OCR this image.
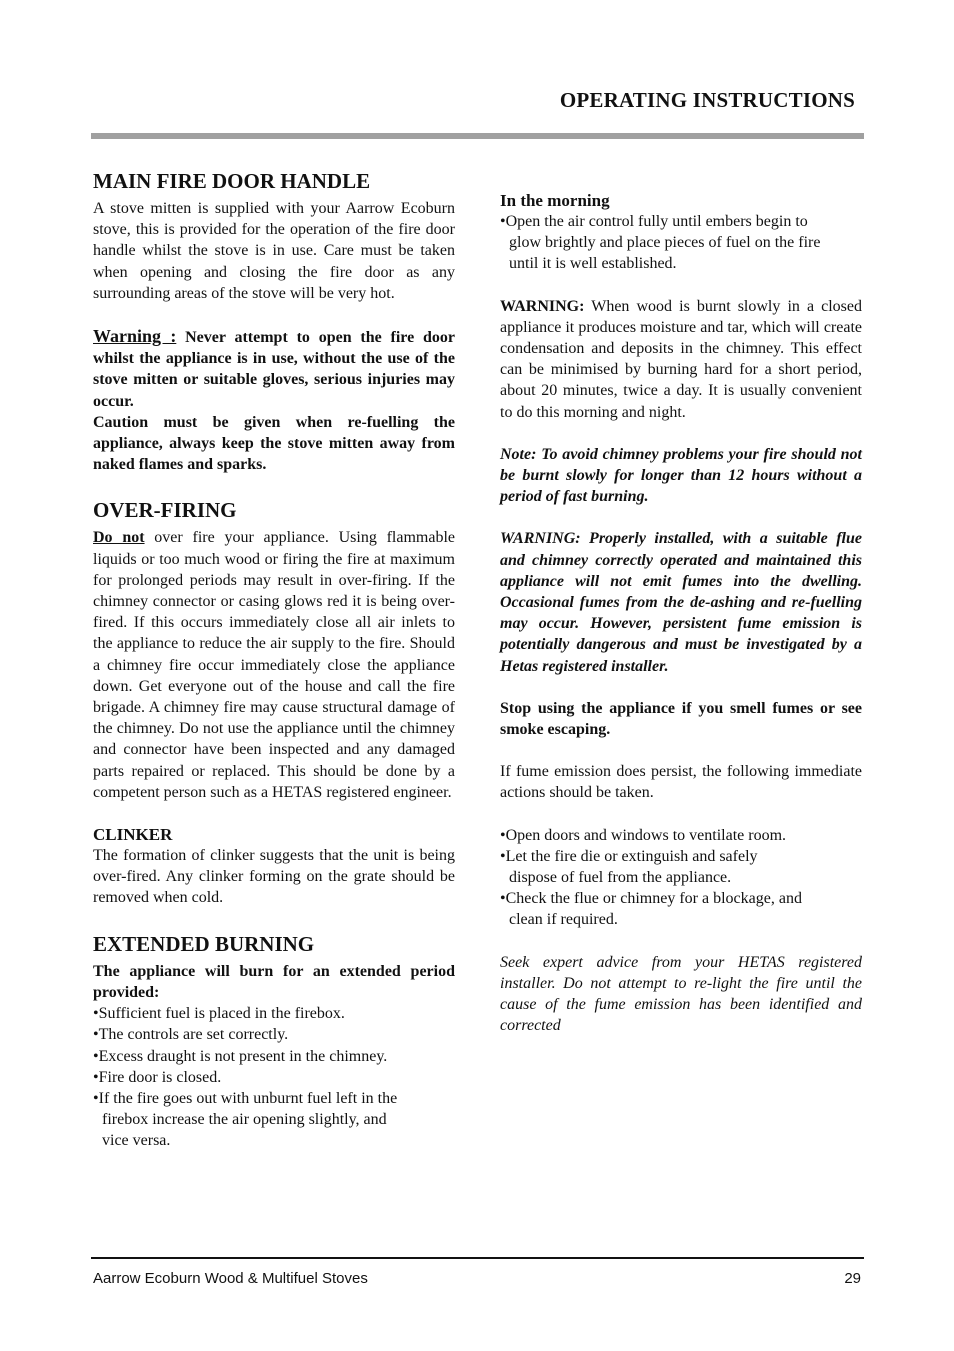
OPERATING INSTRUCTIONS
MAIN FIRE DOOR HANDLE

A stove mitten is supplied with your Aarrow Ecoburn stove, this is provided for the operation of the fire door handle whilst the stove is in use. Care must be taken when opening and closing the fire door as any surrounding areas of the stove will be very hot.

Warning : Never attempt to open the fire door whilst the appliance is in use, without the use of the stove mitten or suitable gloves, serious injuries may occur.

Caution must be given when re-fuelling the appliance, always keep the stove mitten away from naked flames and sparks.

OVER-FIRING

Do not over fire your appliance. Using flammable liquids or too much wood or firing the fire at maximum for prolonged periods may result in over-firing. If the chimney connector or casing glows red it is being over-fired. If this occurs immediately close all air inlets to the appliance to reduce the air supply to the fire. Should a chimney fire occur immediately close the appliance down. Get everyone out of the house and call the fire brigade. A chimney fire may cause structural damage of the chimney. Do not use the appliance until the chimney and connector have been inspected and any damaged parts repaired or replaced. This should be done by a competent person such as a HETAS registered engineer.

CLINKER

The formation of clinker suggests that the unit is being over-fired. Any clinker forming on the grate should be removed when cold.

EXTENDED BURNING

The appliance will burn for an extended period provided:

• Sufficient fuel is placed in the firebox.
• The controls are set correctly.
• Excess draught is not present in the chimney.
• Fire door is closed.
• If the fire goes out with unburnt fuel left in the firebox increase the air opening slightly, and vice versa.
In the morning
• Open the air control fully until embers begin to glow brightly and place pieces of fuel on the fire until it is well established.

WARNING: When wood is burnt slowly in a closed appliance it produces moisture and tar, which will create condensation and deposits in the chimney. This effect can be minimised by burning hard for a short period, about 20 minutes, twice a day. It is usually convenient to do this morning and night.

Note: To avoid chimney problems your fire should not be burnt slowly for longer than 12 hours without a period of fast burning.

WARNING: Properly installed, with a suitable flue and chimney correctly operated and maintained this appliance will not emit fumes into the dwelling. Occasional fumes from the de-ashing and re-fuelling may occur. However, persistent fume emission is potentially dangerous and must be investigated by a Hetas registered installer.

Stop using the appliance if you smell fumes or see smoke escaping.

If fume emission does persist, the following immediate actions should be taken.

• Open doors and windows to ventilate room.
• Let the fire die or extinguish and safely dispose of fuel from the appliance.
• Check the flue or chimney for a blockage, and clean if required.

Seek expert advice from your HETAS registered installer. Do not attempt to re-light the fire until the cause of the fume emission has been identified and corrected

Aarrow Ecoburn Wood & Multifuel Stoves	29
